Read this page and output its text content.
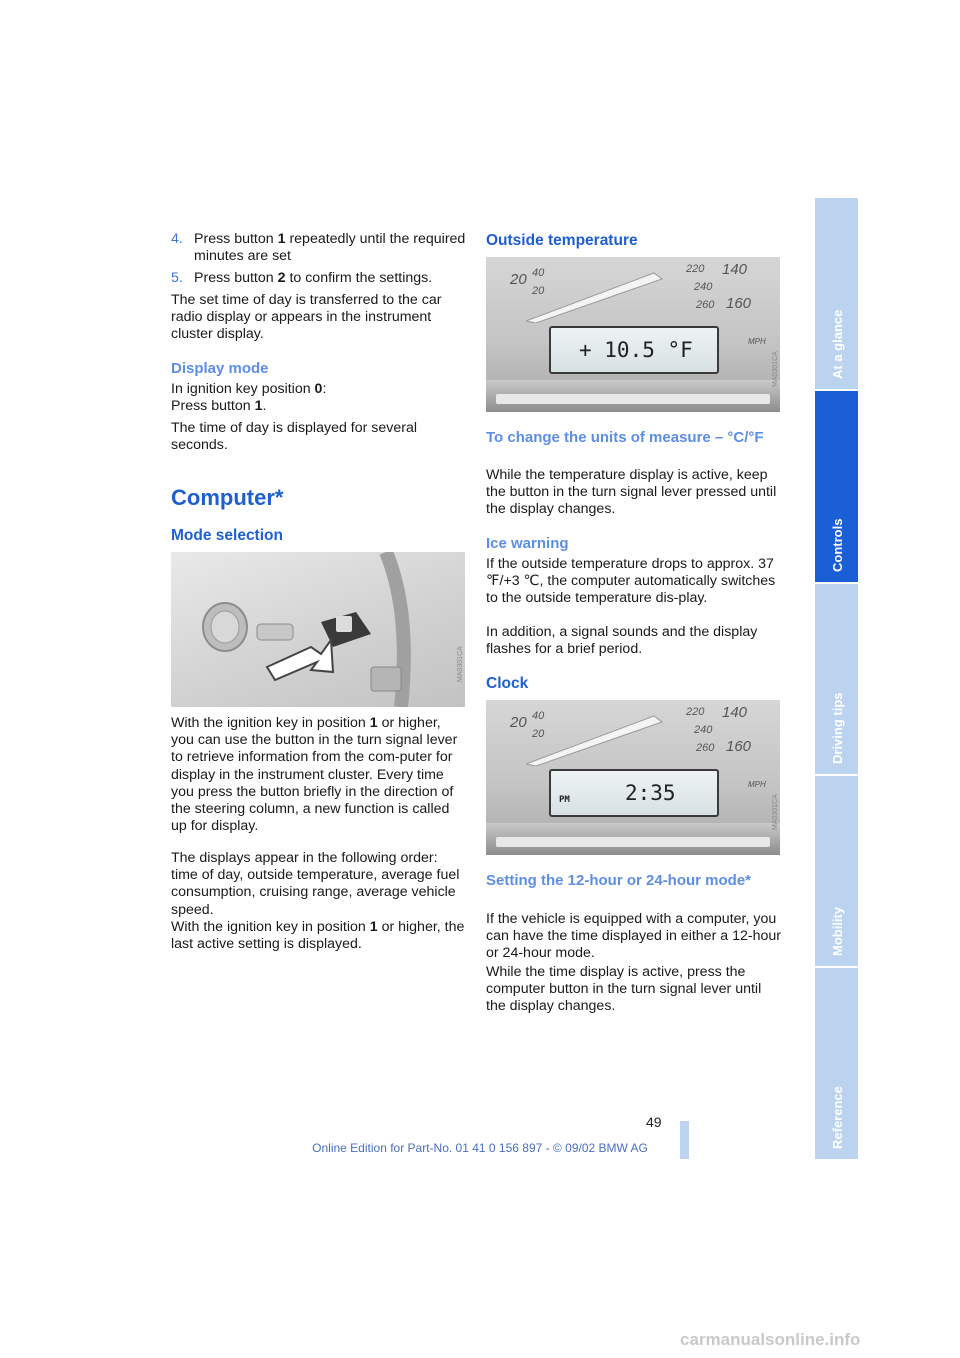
4. Press button 1 repeatedly until the required minutes are set
5. Press button 2 to confirm the settings.

The set time of day is transferred to the car radio display or appears in the instrument cluster display.

Display mode

In ignition key position 0:
Press button 1.

The time of day is displayed for several seconds.

Computer*
Mode selection
MA0301CA

With the ignition key in position 1 or higher, you can use the button in the turn signal lever to retrieve information from the com-puter for display in the instrument cluster. Every time you press the button briefly in the direction of the steering column, a new function is called up for display.

The displays appear in the following order: time of day, outside temperature, average fuel consumption, cruising range, average vehicle speed.

With the ignition key in position 1 or higher, the last active setting is displayed.

Outside temperature
20 40
20
220 140
240
260 160
MPH
+ 10.5 °F
MA0301CA
To change the units of measure – °C/°F

While the temperature display is active, keep the button in the turn signal lever pressed until the display changes.

Ice warning

If the outside temperature drops to approx. 37 ℉/+3 ℃, the computer automatically switches to the outside temperature dis-play.

In addition, a signal sounds and the display flashes for a brief period.

Clock
20 40
20
220 140
240
260 160
MPH
PM	2:35
MA0301CA
Setting the 12-hour or 24-hour mode*

If the vehicle is equipped with a computer, you can have the time displayed in either a 12-hour or 24-hour mode.

While the time display is active, press the computer button in the turn signal lever until the display changes.

At a glance
Controls
Driving tips
Mobility
Reference
49
Online Edition for Part-No. 01 41 0 156 897 - © 09/02 BMW AG
carmanualsonline.info
